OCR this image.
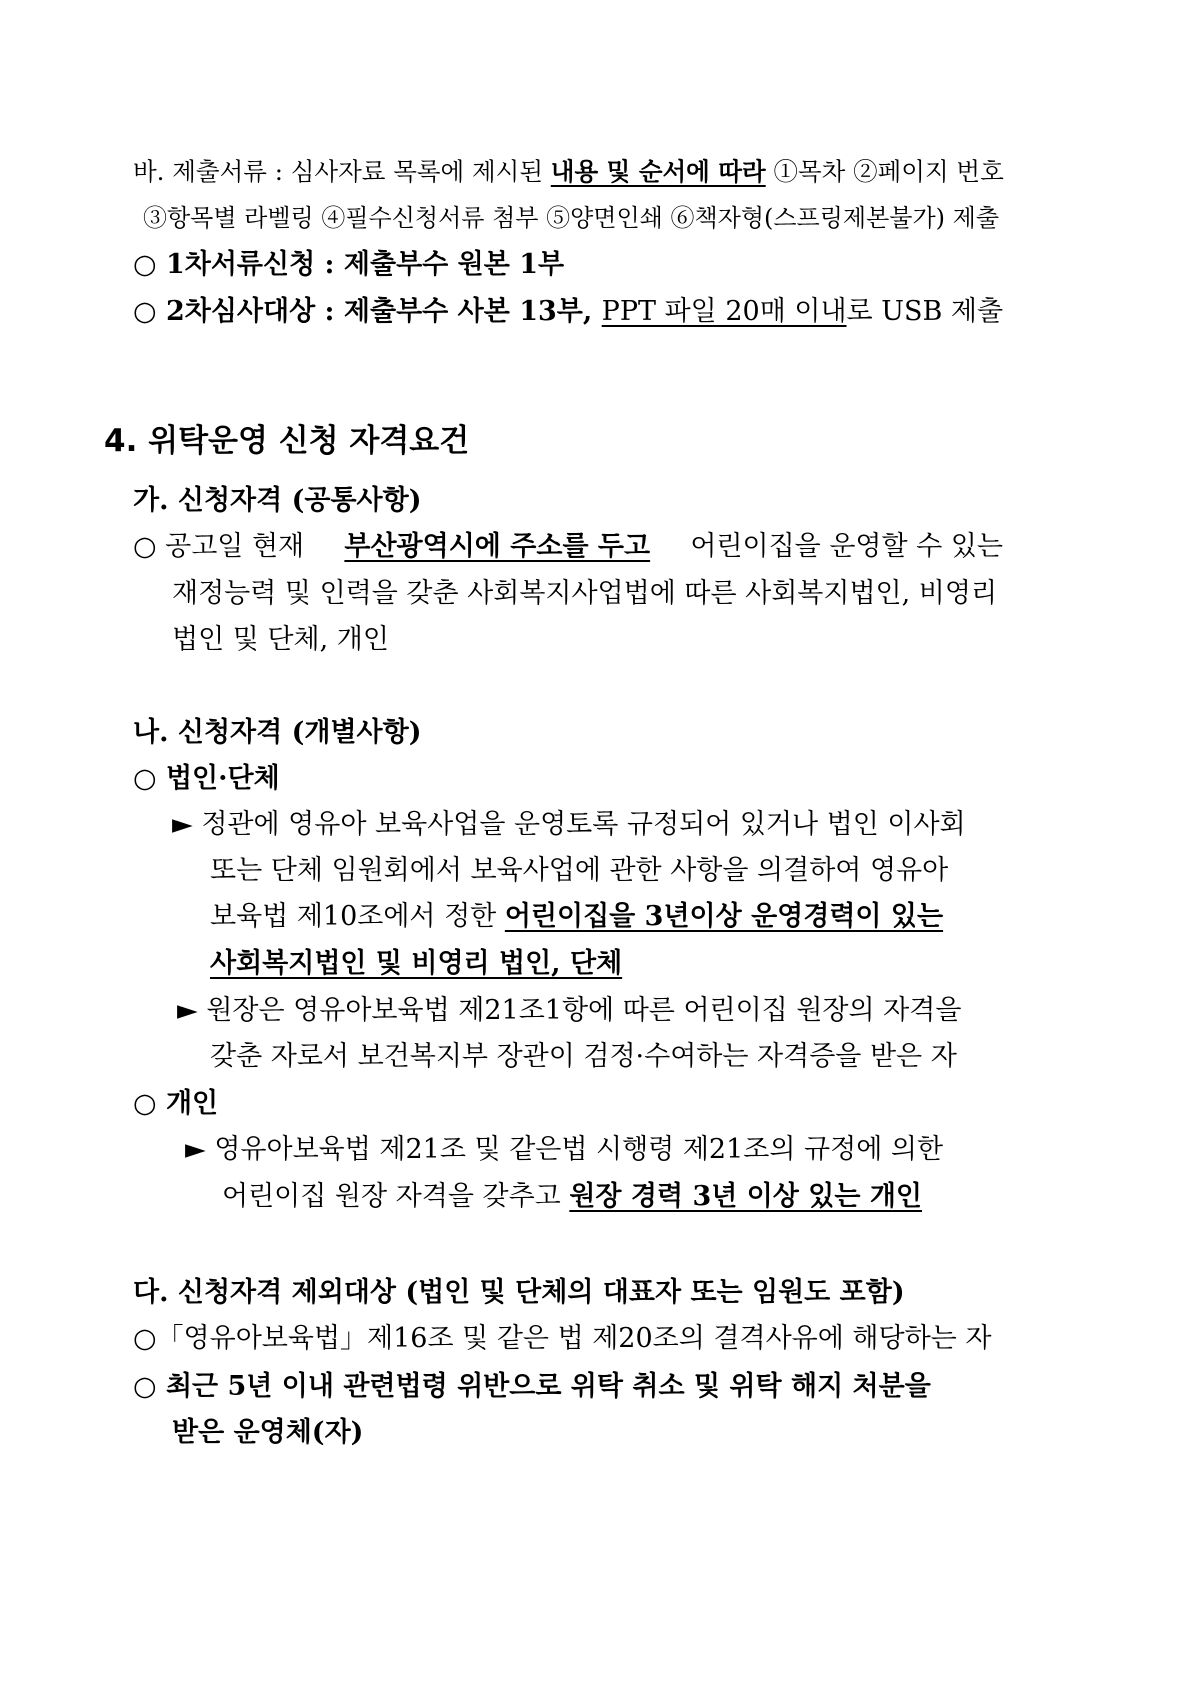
바. 제출서류 : 심사자료 목록에 제시된 내용 및 순서에 따라 ①목차 ②페이지 번호
③항목별 라벨링 ④필수신청서류 첨부 ⑤양면인쇄 ⑥책자형(스프링제본불가) 제출
○ 1차서류신청 : 제출부수 원본 1부
○ 2차심사대상 : 제출부수 사본 13부, PPT 파일 20매 이내로 USB 제출
4. 위탁운영 신청 자격요건
가. 신청자격 (공통사항)
○ 공고일 현재 부산광역시에 주소를 두고 어린이집을 운영할 수 있는
재정능력 및 인력을 갖춘 사회복지사업법에 따른 사회복지법인, 비영리
법인 및 단체, 개인
나. 신청자격 (개별사항)
○ 법인·단체
► 정관에 영유아 보육사업을 운영토록 규정되어 있거나 법인 이사회
또는 단체 임원회에서 보육사업에 관한 사항을 의결하여 영유아
보육법 제10조에서 정한 어린이집을 3년이상 운영경력이 있는
사회복지법인 및 비영리 법인, 단체
► 원장은 영유아보육법 제21조1항에 따른 어린이집 원장의 자격을
갖춘 자로서 보건복지부 장관이 검정·수여하는 자격증을 받은 자
○ 개인
► 영유아보육법 제21조 및 같은법 시행령 제21조의 규정에 의한
어린이집 원장 자격을 갖추고 원장 경력 3년 이상 있는 개인
다. 신청자격 제외대상 (법인 및 단체의 대표자 또는 임원도 포함)
○「영유아보육법」제16조 및 같은 법 제20조의 결격사유에 해당하는 자
○ 최근 5년 이내 관련법령 위반으로 위탁 취소 및 위탁 해지 처분을
받은 운영체(자)
